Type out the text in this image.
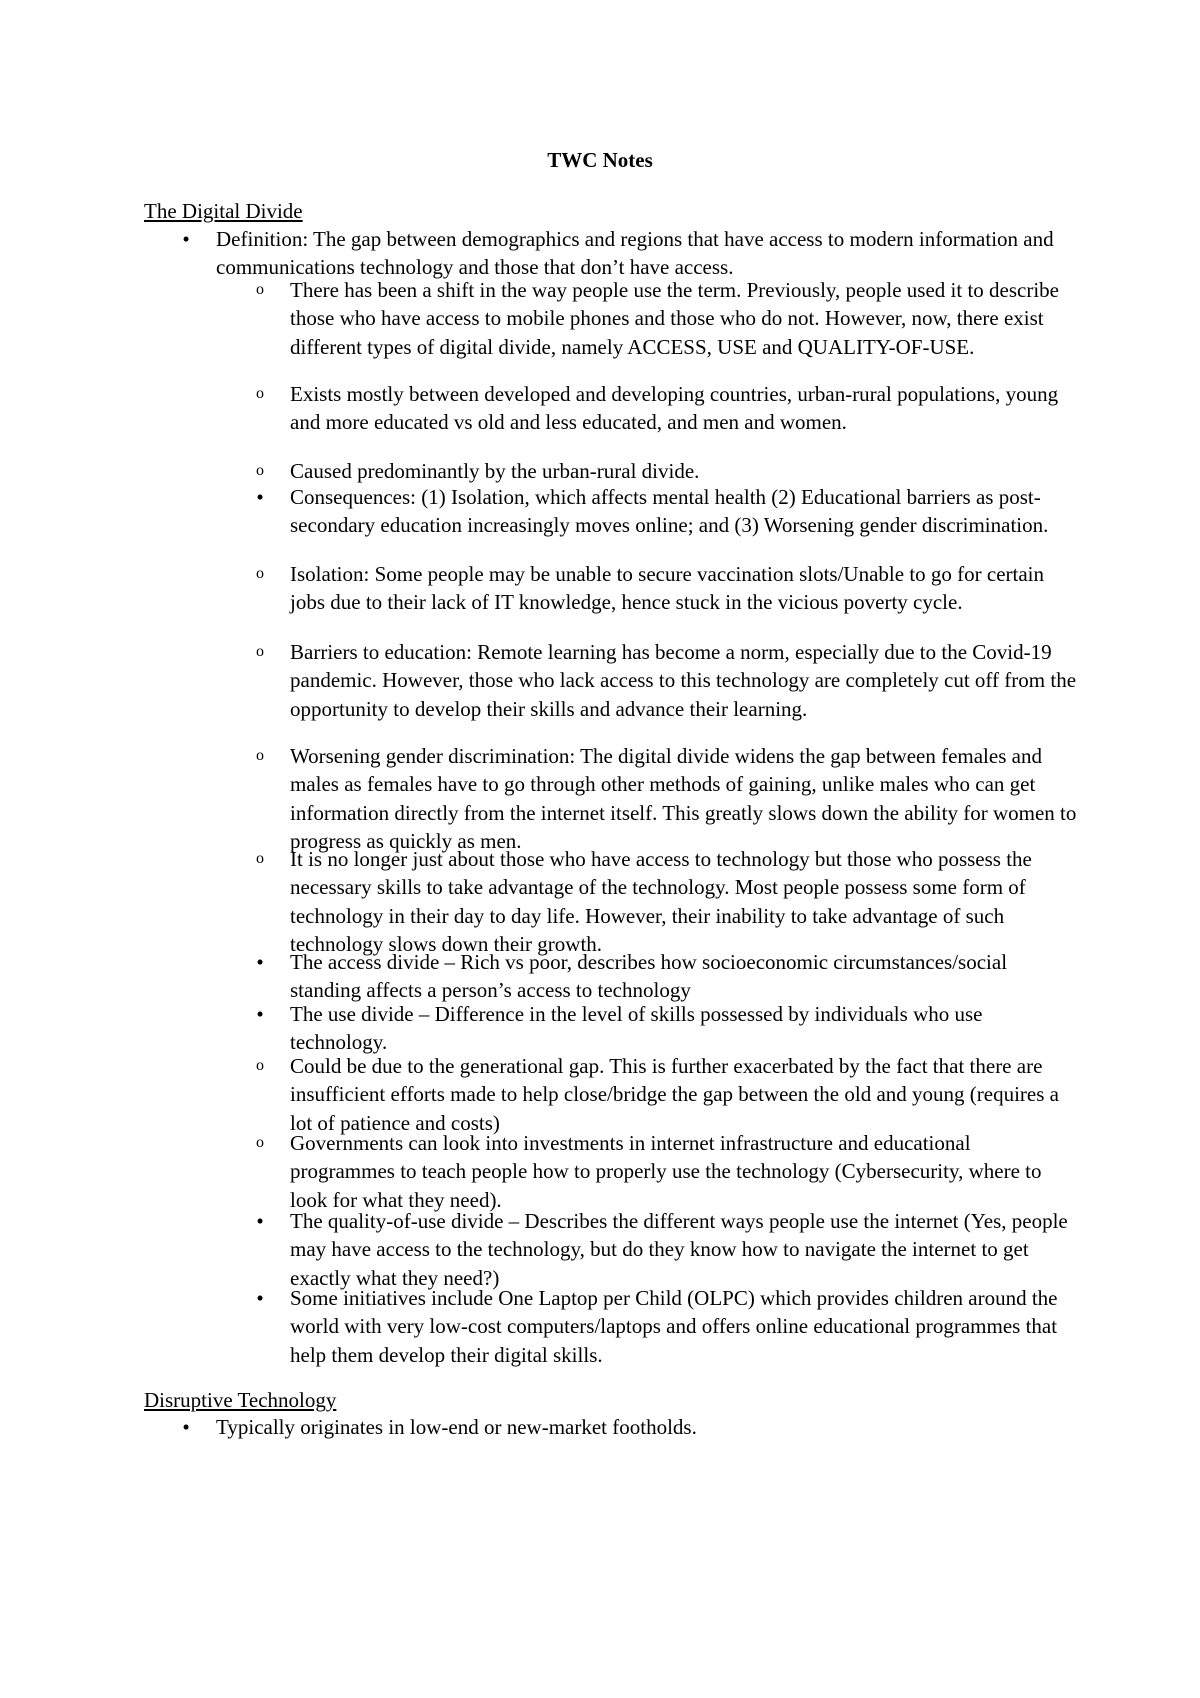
TWC Notes
The Digital Divide
•	Definition: The gap between demographics and regions that have access to modern information and communications technology and those that don’t have access.
o There has been a shift in the way people use the term. Previously, people used it to describe those who have access to mobile phones and those who do not. However, now, there exist different types of digital divide, namely ACCESS, USE and QUALITY-OF-USE.
o Exists mostly between developed and developing countries, urban-rural populations, young and more educated vs old and less educated, and men and women.
o Caused predominantly by the urban-rural divide.
•	Consequences: (1) Isolation, which affects mental health (2) Educational barriers as post-secondary education increasingly moves online; and (3) Worsening gender discrimination.
o Isolation: Some people may be unable to secure vaccination slots/Unable to go for certain jobs due to their lack of IT knowledge, hence stuck in the vicious poverty cycle.
o Barriers to education: Remote learning has become a norm, especially due to the Covid-19 pandemic. However, those who lack access to this technology are completely cut off from the opportunity to develop their skills and advance their learning.
o Worsening gender discrimination: The digital divide widens the gap between females and males as females have to go through other methods of gaining, unlike males who can get information directly from the internet itself. This greatly slows down the ability for women to progress as quickly as men.
o It is no longer just about those who have access to technology but those who possess the necessary skills to take advantage of the technology. Most people possess some form of technology in their day to day life. However, their inability to take advantage of such technology slows down their growth.
•	The access divide – Rich vs poor, describes how socioeconomic circumstances/social standing affects a person’s access to technology
•	The use divide – Difference in the level of skills possessed by individuals who use technology.
o Could be due to the generational gap. This is further exacerbated by the fact that there are insufficient efforts made to help close/bridge the gap between the old and young (requires a lot of patience and costs)
o Governments can look into investments in internet infrastructure and educational programmes to teach people how to properly use the technology (Cybersecurity, where to look for what they need).
•	The quality-of-use divide – Describes the different ways people use the internet (Yes, people may have access to the technology, but do they know how to navigate the internet to get exactly what they need?)
•	Some initiatives include One Laptop per Child (OLPC) which provides children around the world with very low-cost computers/laptops and offers online educational programmes that help them develop their digital skills.
Disruptive Technology
•	Typically originates in low-end or new-market footholds.
